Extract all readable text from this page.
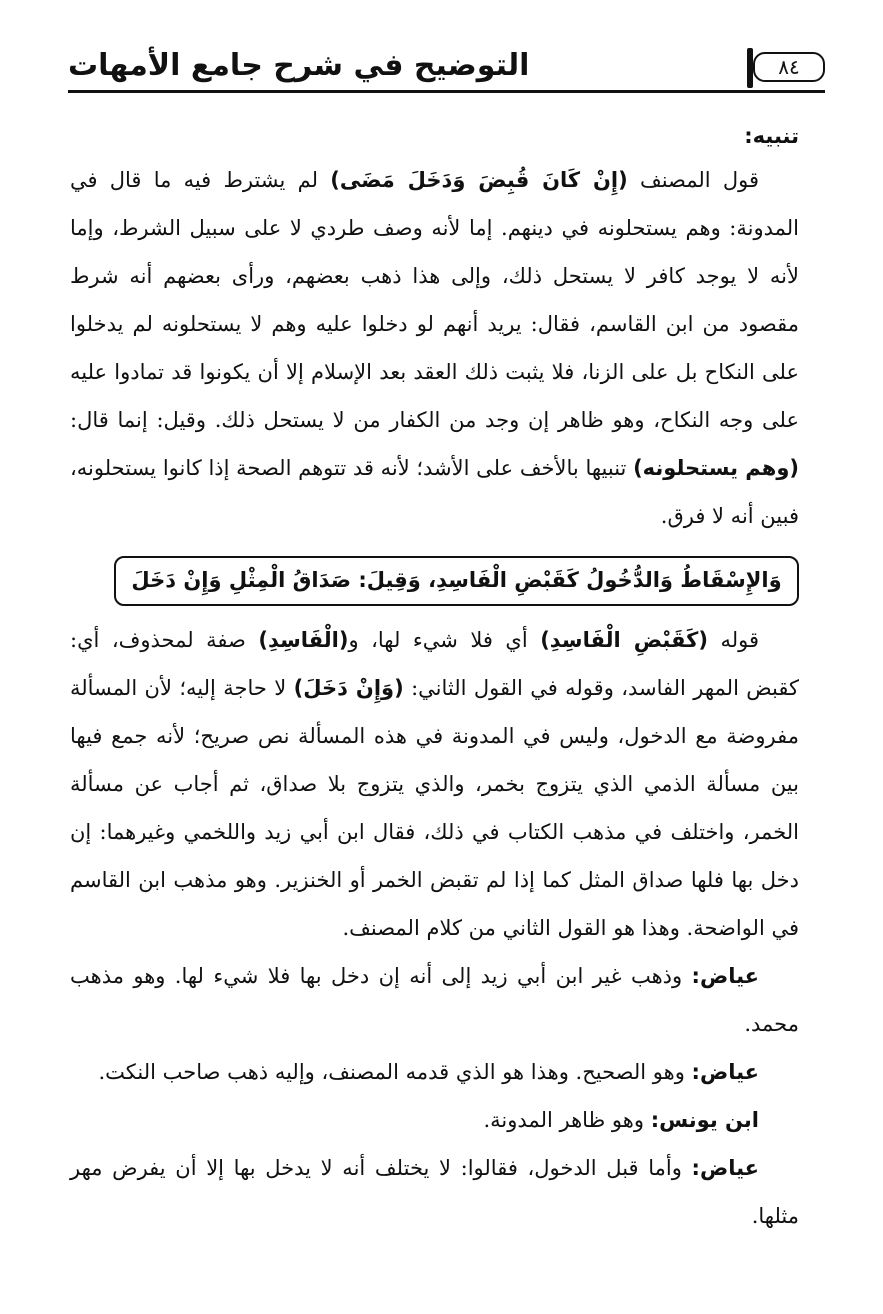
التوضيح في شرح جامع الأمهات	٨٤

تنبيه:

قول المصنف (إِنْ كَانَ قُبِضَ وَدَخَلَ مَضَى) لم يشترط فيه ما قال في المدونة: وهم يستحلونه في دينهم. إما لأنه وصف طردي لا على سبيل الشرط، وإما لأنه لا يوجد كافر لا يستحل ذلك، وإلى هذا ذهب بعضهم، ورأى بعضهم أنه شرط مقصود من ابن القاسم، فقال: يريد أنهم لو دخلوا عليه وهم لا يستحلونه لم يدخلوا على النكاح بل على الزنا، فلا يثبت ذلك العقد بعد الإسلام إلا أن يكونوا قد تمادوا عليه على وجه النكاح، وهو ظاهر إن وجد من الكفار من لا يستحل ذلك. وقيل: إنما قال: (وهم يستحلونه) تنبيها بالأخف على الأشد؛ لأنه قد تتوهم الصحة إذا كانوا يستحلونه، فبين أنه لا فرق.

وَالإِسْقَاطُ وَالدُّخُولُ كَقَبْضِ الْفَاسِدِ، وَقِيلَ: صَدَاقُ الْمِثْلِ وَإِنْ دَخَلَ

قوله (كَقَبْضِ الْفَاسِدِ) أي فلا شيء لها، و(الْفَاسِدِ) صفة لمحذوف، أي: كقبض المهر الفاسد، وقوله في القول الثاني: (وَإِنْ دَخَلَ) لا حاجة إليه؛ لأن المسألة مفروضة مع الدخول، وليس في المدونة في هذه المسألة نص صريح؛ لأنه جمع فيها بين مسألة الذمي الذي يتزوج بخمر، والذي يتزوج بلا صداق، ثم أجاب عن مسألة الخمر، واختلف في مذهب الكتاب في ذلك، فقال ابن أبي زيد واللخمي وغيرهما: إن دخل بها فلها صداق المثل كما إذا لم تقبض الخمر أو الخنزير. وهو مذهب ابن القاسم في الواضحة. وهذا هو القول الثاني من كلام المصنف.

عياض: وذهب غير ابن أبي زيد إلى أنه إن دخل بها فلا شيء لها. وهو مذهب محمد.

عياض: وهو الصحيح. وهذا هو الذي قدمه المصنف، وإليه ذهب صاحب النكت.

ابن يونس: وهو ظاهر المدونة.

عياض: وأما قبل الدخول، فقالوا: لا يختلف أنه لا يدخل بها إلا أن يفرض مهر مثلها.
